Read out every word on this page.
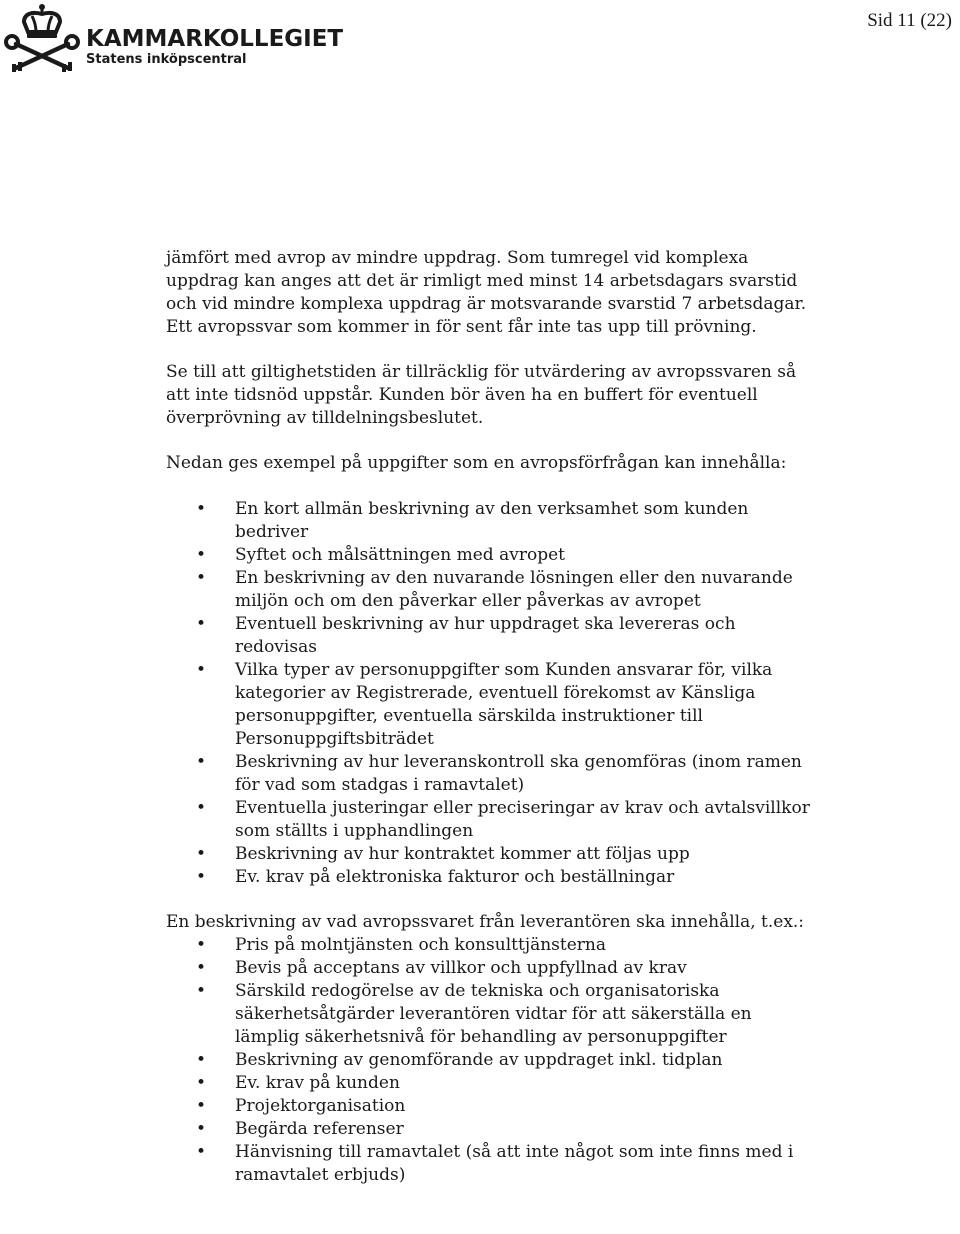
KAMMARKOLLEGIET
Statens inköpscentral
Sid 11 (22)

jämfört med avrop av mindre uppdrag. Som tumregel vid komplexa uppdrag kan anges att det är rimligt med minst 14 arbetsdagars svarstid och vid mindre komplexa uppdrag är motsvarande svarstid 7 arbetsdagar. Ett avropssvar som kommer in för sent får inte tas upp till prövning.

Se till att giltighetstiden är tillräcklig för utvärdering av avropssvaren så att inte tidsnöd uppstår. Kunden bör även ha en buffert för eventuell överprövning av tilldelningsbeslutet.

Nedan ges exempel på uppgifter som en avropsförfrågan kan innehålla:

• En kort allmän beskrivning av den verksamhet som kunden bedriver
• Syftet och målsättningen med avropet
• En beskrivning av den nuvarande lösningen eller den nuvarande miljön och om den påverkar eller påverkas av avropet
• Eventuell beskrivning av hur uppdraget ska levereras och redovisas
• Vilka typer av personuppgifter som Kunden ansvarar för, vilka kategorier av Registrerade, eventuell förekomst av Känsliga personuppgifter, eventuella särskilda instruktioner till Personuppgiftsbiträdet
• Beskrivning av hur leveranskontroll ska genomföras (inom ramen för vad som stadgas i ramavtalet)
• Eventuella justeringar eller preciseringar av krav och avtalsvillkor som ställts i upphandlingen
• Beskrivning av hur kontraktet kommer att följas upp
• Ev. krav på elektroniska fakturor och beställningar

En beskrivning av vad avropssvaret från leverantören ska innehålla, t.ex.:

• Pris på molntjänsten och konsulttjänsterna
• Bevis på acceptans av villkor och uppfyllnad av krav
• Särskild redogörelse av de tekniska och organisatoriska säkerhetsåtgärder leverantören vidtar för att säkerställa en lämplig säkerhetsnivå för behandling av personuppgifter
• Beskrivning av genomförande av uppdraget inkl. tidplan
• Ev. krav på kunden
• Projektorganisation
• Begärda referenser
• Hänvisning till ramavtalet (så att inte något som inte finns med i ramavtalet erbjuds)
